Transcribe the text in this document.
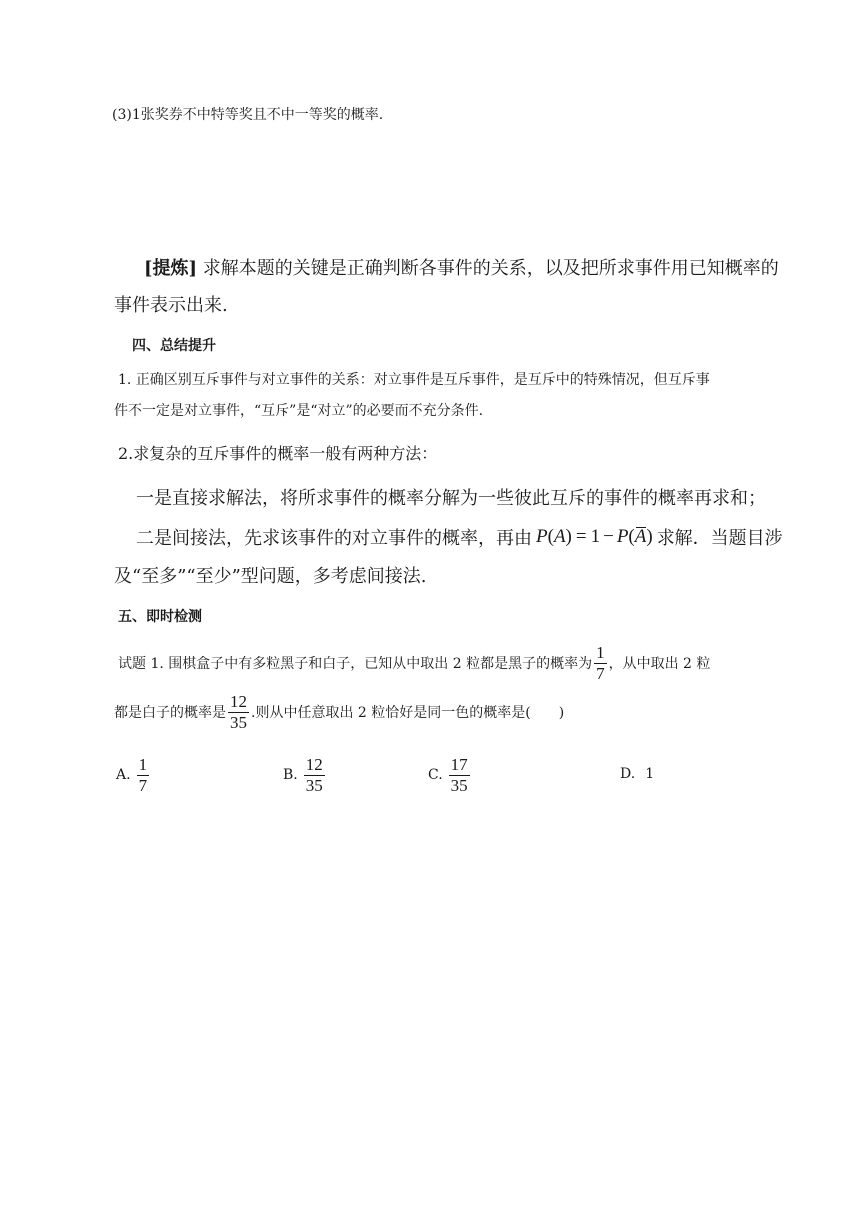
(3)1张奖券不中特等奖且不中一等奖的概率.
[提炼] 求解本题的关键是正确判断各事件的关系，以及把所求事件用已知概率的
事件表示出来.
四、总结提升
1. 正确区别互斥事件与对立事件的关系：对立事件是互斥事件，是互斥中的特殊情况，但互斥事
件不一定是对立事件，“互斥”是“对立”的必要而不充分条件.
2.求复杂的互斥事件的概率一般有两种方法：
一是直接求解法，将所求事件的概率分解为一些彼此互斥的事件的概率再求和；
二是间接法，先求该事件的对立事件的概率，再由 P(A) = 1 − P(A) 求解．当题目涉
及“至多”“至少”型问题，多考虑间接法.
五、即时检测
试题 1. 围棋盒子中有多粒黑子和白子，已知从中取出 2 粒都是黑子的概率为 $\frac{1}{7}$ ，从中取出 2 粒
都是白子的概率是 $\frac{12}{35}$ .则从中任意取出 2 粒恰好是同一色的概率是(　　)
A. $\frac{1}{7}$	B. $\frac{12}{35}$	C. $\frac{17}{35}$	D. 1
